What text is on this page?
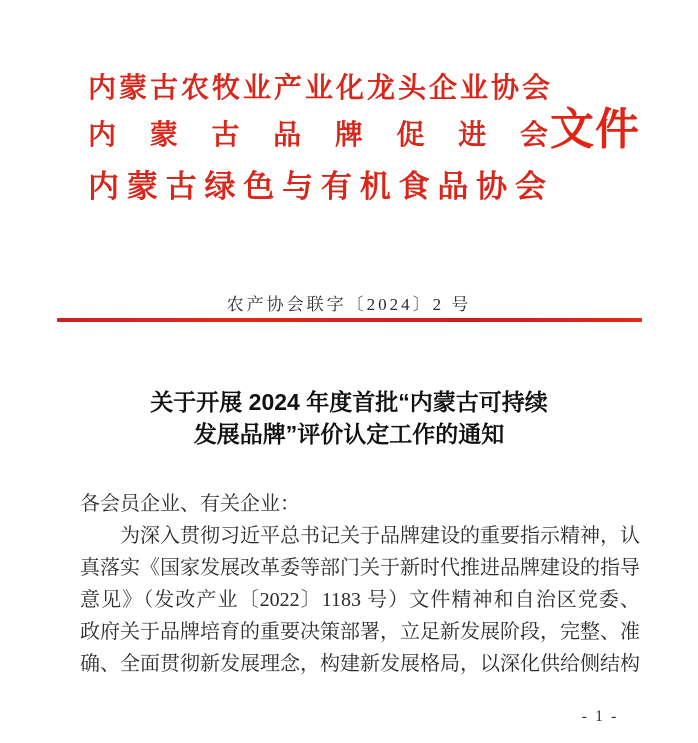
内蒙古农牧业产业化龙头企业协会
内蒙古品牌促进会 文件
内蒙古绿色与有机食品协会
农产协会联字〔2024〕2 号
关于开展 2024 年度首批“内蒙古可持续
发展品牌”评价认定工作的通知
各会员企业、有关企业：
为深入贯彻习近平总书记关于品牌建设的重要指示精神，认
真落实《国家发展改革委等部门关于新时代推进品牌建设的指导
意见》（发改产业〔2022〕1183 号）文件精神和自治区党委、
政府关于品牌培育的重要决策部署，立足新发展阶段，完整、准
确、全面贯彻新发展理念，构建新发展格局，以深化供给侧结构
- 1 -
